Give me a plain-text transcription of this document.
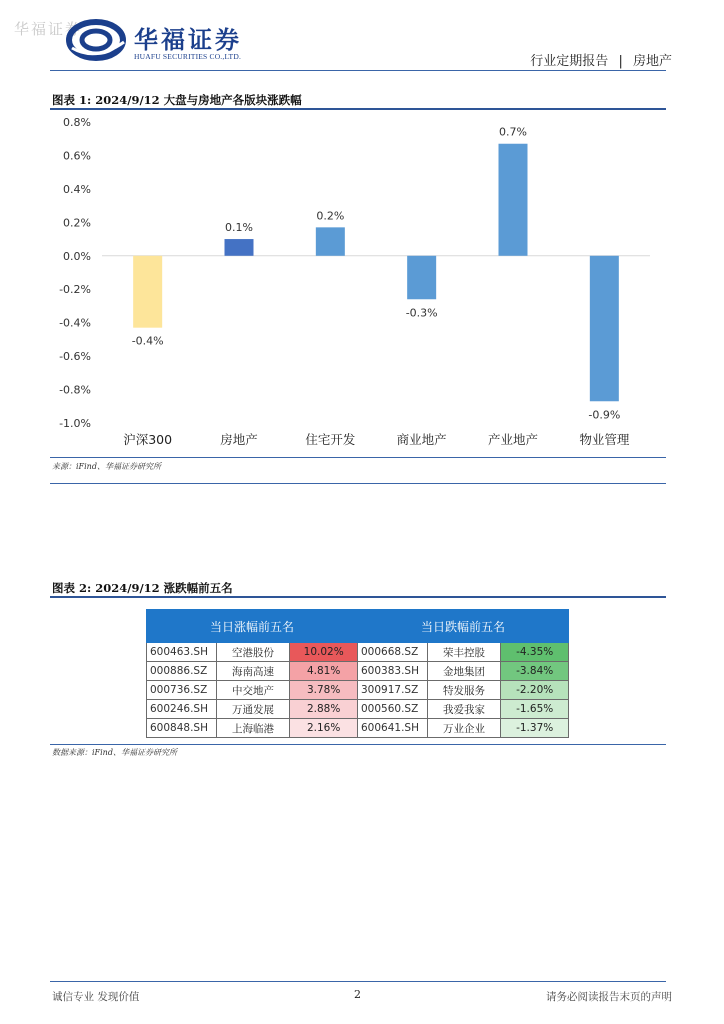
华福证券 华福证券
HUAFU SECURITIES CO.,LTD.	行业定期报告 | 房地产
图表 1: 2024/9/12 大盘与房地产各版块涨跌幅
0.8%
0.6%
0.4%
0.2%
0.0%
-0.2%
-0.4%
-0.6%
-0.8%
-1.0%
-0.4%
沪深300
0.1%
房地产
0.2%
住宅开发
-0.3%
商业地产
0.7%
产业地产
-0.9%
物业管理
来源：iFind、华福证券研究所
图表 2: 2024/9/12 涨跌幅前五名
当日涨幅前五名			当日跌幅前五名		
600463.SH	空港股份	10.02%	000668.SZ	荣丰控股	-4.35%
000886.SZ	海南高速	4.81%	600383.SH	金地集团	-3.84%
000736.SZ	中交地产	3.78%	300917.SZ	特发服务	-2.20%
600246.SH	万通发展	2.88%	000560.SZ	我爱我家	-1.65%
600848.SH	上海临港	2.16%	600641.SH	万业企业	-1.37%
数据来源：iFind、华福证券研究所
诚信专业 发现价值	2	请务必阅读报告末页的声明
